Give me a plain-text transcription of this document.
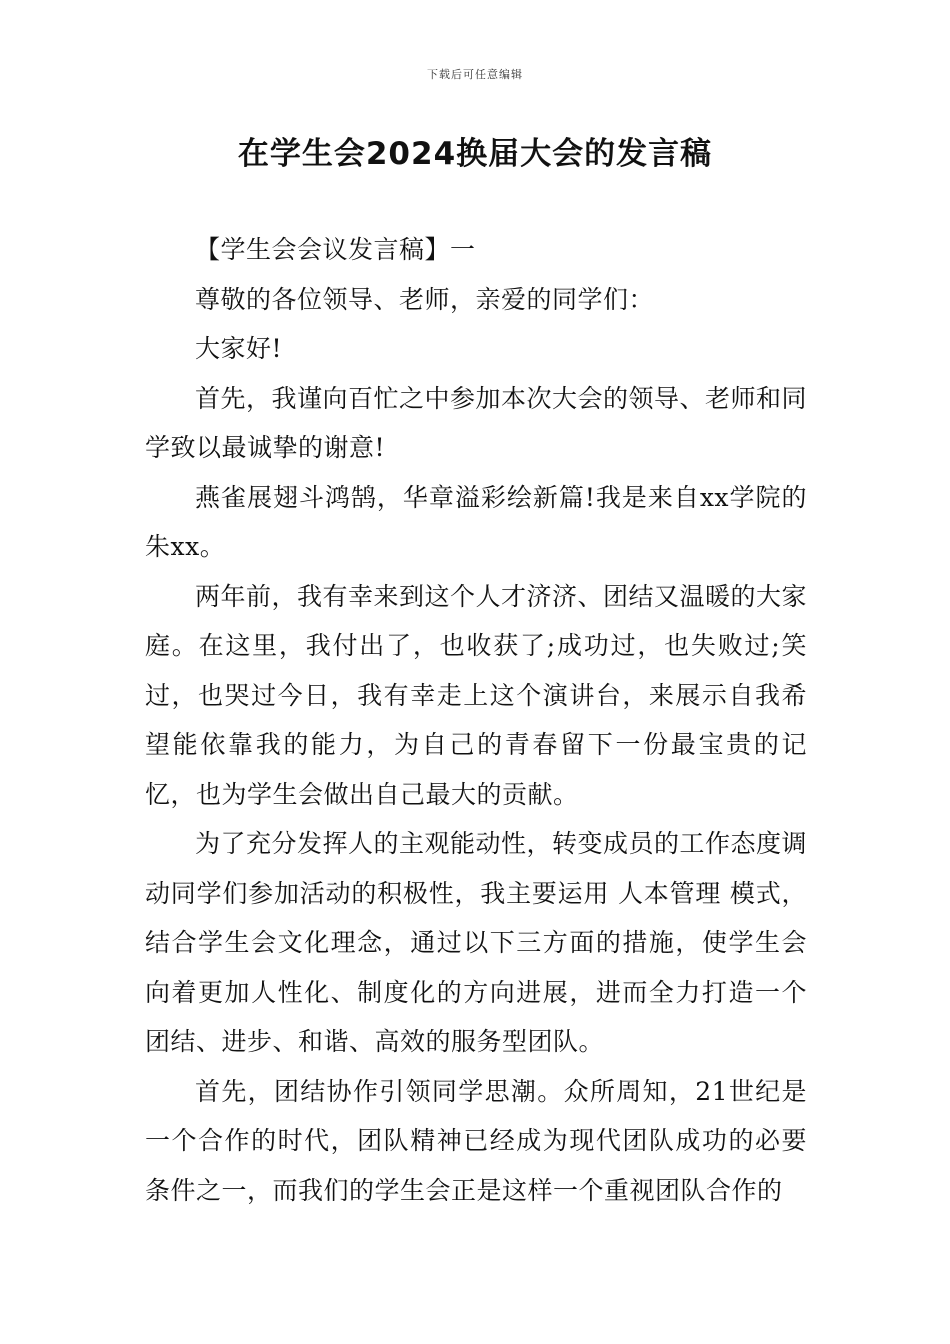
下载后可任意编辑
在学生会2024换届大会的发言稿

【学生会会议发言稿】一

尊敬的各位领导、老师，亲爱的同学们：

大家好!

首先，我谨向百忙之中参加本次大会的领导、老师和同学致以最诚挚的谢意!

燕雀展翅斗鸿鹄，华章溢彩绘新篇!我是来自xx学院的朱xx。

两年前，我有幸来到这个人才济济、团结又温暖的大家庭。在这里，我付出了，也收获了;成功过，也失败过;笑过，也哭过今日，我有幸走上这个演讲台，来展示自我希望能依靠我的能力，为自己的青春留下一份最宝贵的记忆，也为学生会做出自己最大的贡献。

为了充分发挥人的主观能动性，转变成员的工作态度调动同学们参加活动的积极性，我主要运用 人本管理 模式，结合学生会文化理念，通过以下三方面的措施，使学生会向着更加人性化、制度化的方向进展，进而全力打造一个团结、进步、和谐、高效的服务型团队。

首先，团结协作引领同学思潮。众所周知，21世纪是一个合作的时代，团队精神已经成为现代团队成功的必要条件之一，而我们的学生会正是这样一个重视团队合作的
